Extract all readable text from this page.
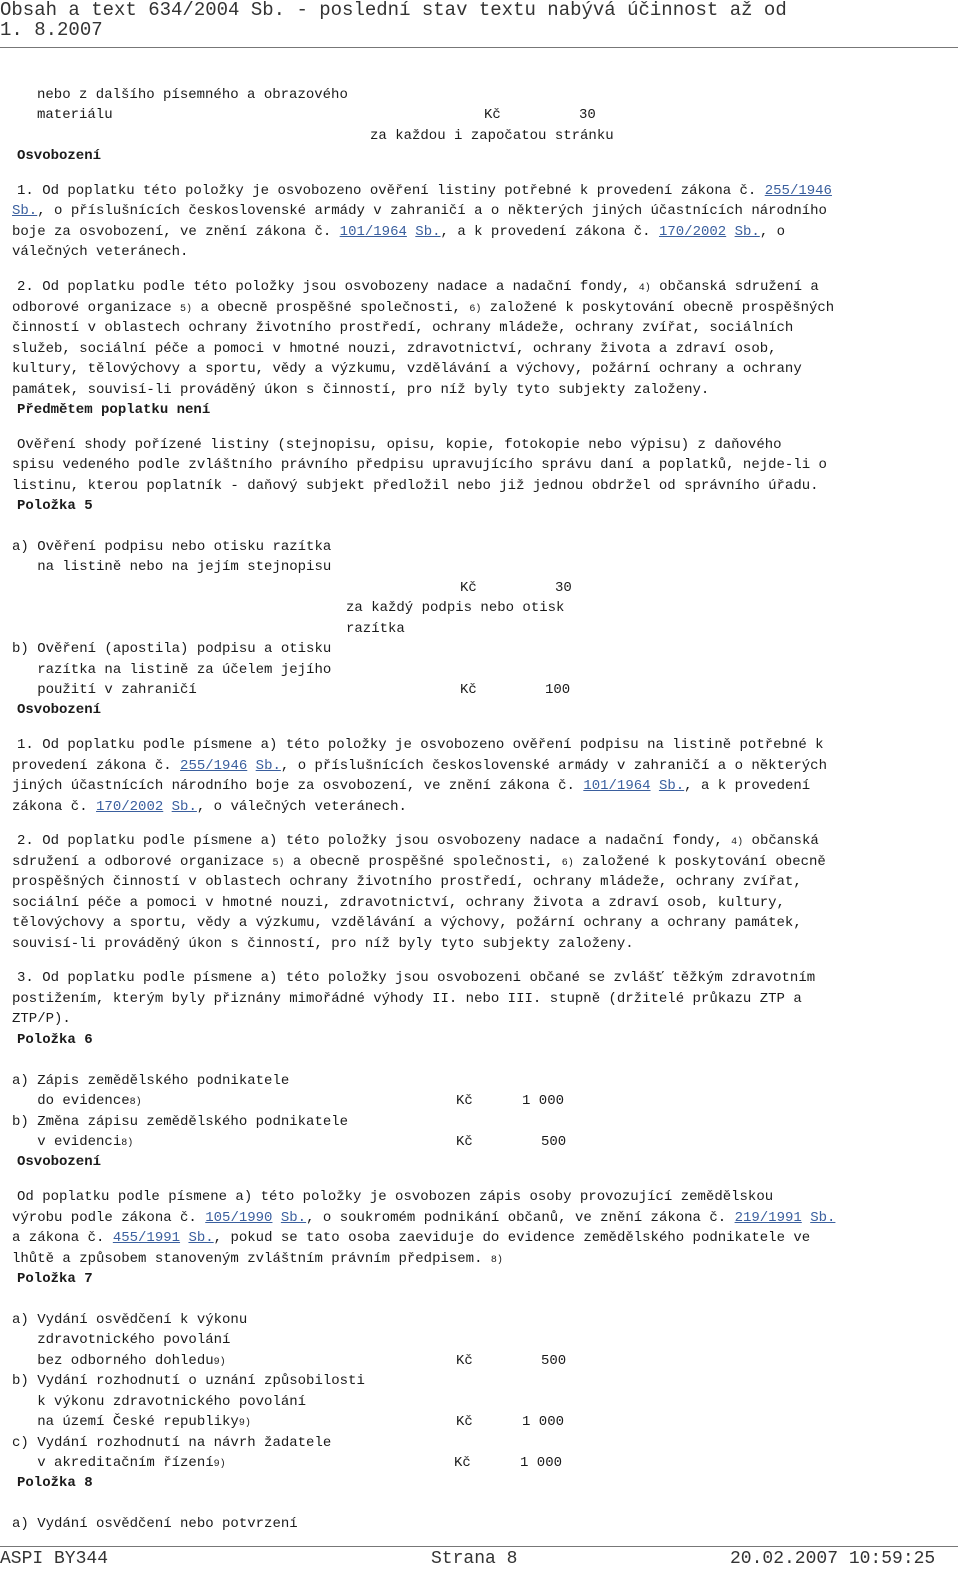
Obsah a text 634/2004 Sb. - poslední stav textu nabývá účinnost až od
1. 8.2007
nebo z dalšího písemného a obrazového
materiálu	Kč	30
za každou i započatou stránku
Osvobození
1. Od poplatku této položky je osvobozeno ověření listiny potřebné k provedení zákona č. 255/1946
Sb., o příslušnících československé armády v zahraničí a o některých jiných účastnících národního
boje za osvobození, ve znění zákona č. 101/1964 Sb., a k provedení zákona č. 170/2002 Sb., o
válečných veteránech.
2. Od poplatku podle této položky jsou osvobozeny nadace a nadační fondy, 4) občanská sdružení a
odborové organizace 5) a obecně prospěšné společnosti, 6) založené k poskytování obecně prospěšných
činností v oblastech ochrany životního prostředí, ochrany mládeže, ochrany zvířat, sociálních
služeb, sociální péče a pomoci v hmotné nouzi, zdravotnictví, ochrany života a zdraví osob,
kultury, tělovýchovy a sportu, vědy a výzkumu, vzdělávání a výchovy, požární ochrany a ochrany
památek, souvisí-li prováděný úkon s činností, pro níž byly tyto subjekty založeny.
Předmětem poplatku není
Ověření shody pořízené listiny (stejnopisu, opisu, kopie, fotokopie nebo výpisu) z daňového
spisu vedeného podle zvláštního právního předpisu upravujícího správu daní a poplatků, nejde-li o
listinu, kterou poplatník - daňový subjekt předložil nebo již jednou obdržel od správního úřadu.
Položka 5
a) Ověření podpisu nebo otisku razítka
na listině nebo na jejím stejnopisu
Kč	30
za každý podpis nebo otisk
razítka
b) Ověření (apostila) podpisu a otisku
razítka na listině za účelem jejího
použití v zahraničí	Kč	100
Osvobození
1. Od poplatku podle písmene a) této položky je osvobozeno ověření podpisu na listině potřebné k
provedení zákona č. 255/1946 Sb., o příslušnících československé armády v zahraničí a o některých
jiných účastnících národního boje za osvobození, ve znění zákona č. 101/1964 Sb., a k provedení
zákona č. 170/2002 Sb., o válečných veteránech.
2. Od poplatku podle písmene a) této položky jsou osvobozeny nadace a nadační fondy, 4) občanská
sdružení a odborové organizace 5) a obecně prospěšné společnosti, 6) založené k poskytování obecně
prospěšných činností v oblastech ochrany životního prostředí, ochrany mládeže, ochrany zvířat,
sociální péče a pomoci v hmotné nouzi, zdravotnictví, ochrany života a zdraví osob, kultury,
tělovýchovy a sportu, vědy a výzkumu, vzdělávání a výchovy, požární ochrany a ochrany památek,
souvisí-li prováděný úkon s činností, pro níž byly tyto subjekty založeny.
3. Od poplatku podle písmene a) této položky jsou osvobozeni občané se zvlášť těžkým zdravotním
postižením, kterým byly přiznány mimořádné výhody II. nebo III. stupně (držitelé průkazu ZTP a
ZTP/P).
Položka 6
a) Zápis zemědělského podnikatele
do evidence8)	Kč	1 000
b) Změna zápisu zemědělského podnikatele
v evidenci8)	Kč	500
Osvobození
Od poplatku podle písmene a) této položky je osvobozen zápis osoby provozující zemědělskou
výrobu podle zákona č. 105/1990 Sb., o soukromém podnikání občanů, ve znění zákona č. 219/1991 Sb.
a zákona č. 455/1991 Sb., pokud se tato osoba zaeviduje do evidence zemědělského podnikatele ve
lhůtě a způsobem stanoveným zvláštním právním předpisem. 8)
Položka 7
a) Vydání osvědčení k výkonu
zdravotnického povolání
bez odborného dohledu9)	Kč	500
b) Vydání rozhodnutí o uznání způsobilosti
k výkonu zdravotnického povolání
na území České republiky9)	Kč	1 000
c) Vydání rozhodnutí na návrh žadatele
v akreditačním řízení9)	Kč	1 000
Položka 8
a) Vydání osvědčení nebo potvrzení
ASPI BY344	Strana 8	20.02.2007 10:59:25
